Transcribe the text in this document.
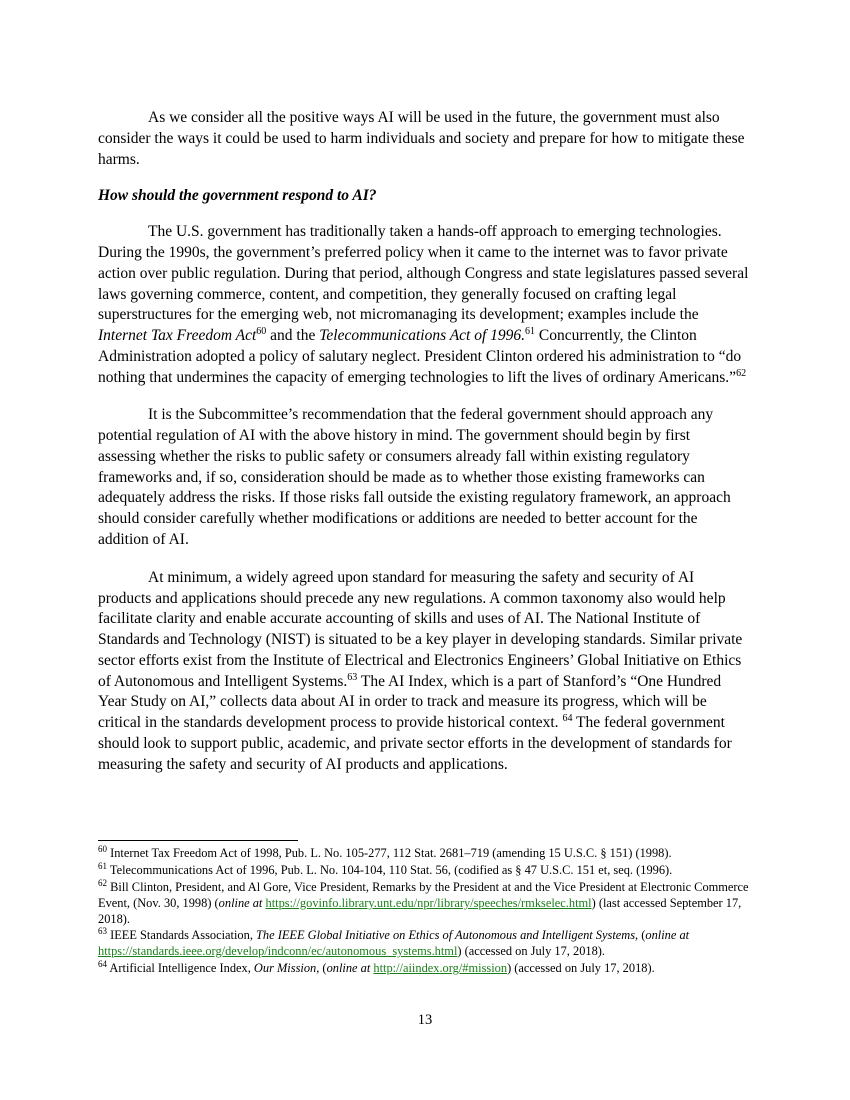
As we consider all the positive ways AI will be used in the future, the government must also consider the ways it could be used to harm individuals and society and prepare for how to mitigate these harms.

How should the government respond to AI?

The U.S. government has traditionally taken a hands-off approach to emerging technologies. During the 1990s, the government’s preferred policy when it came to the internet was to favor private action over public regulation. During that period, although Congress and state legislatures passed several laws governing commerce, content, and competition, they generally focused on crafting legal superstructures for the emerging web, not micromanaging its development; examples include the Internet Tax Freedom Act$^{60}$ and the Telecommunications Act of 1996.61 Concurrently, the Clinton Administration adopted a policy of salutary neglect. President Clinton ordered his administration to “do nothing that undermines the capacity of emerging technologies to lift the lives of ordinary Americans.”$^{62}$

It is the Subcommittee’s recommendation that the federal government should approach any potential regulation of AI with the above history in mind. The government should begin by first assessing whether the risks to public safety or consumers already fall within existing regulatory frameworks and, if so, consideration should be made as to whether those existing frameworks can adequately address the risks. If those risks fall outside the existing regulatory framework, an approach should consider carefully whether modifications or additions are needed to better account for the addition of AI.

At minimum, a widely agreed upon standard for measuring the safety and security of AI products and applications should precede any new regulations. A common taxonomy also would help facilitate clarity and enable accurate accounting of skills and uses of AI. The National Institute of Standards and Technology (NIST) is situated to be a key player in developing standards. Similar private sector efforts exist from the Institute of Electrical and Electronics Engineers’ Global Initiative on Ethics of Autonomous and Intelligent Systems.$^{63}$ The AI Index, which is a part of Stanford’s “One Hundred Year Study on AI,” collects data about AI in order to track and measure its progress, which will be critical in the standards development process to provide historical context. $^{64}$ The federal government should look to support public, academic, and private sector efforts in the development of standards for measuring the safety and security of AI products and applications.

$^{60}$ Internet Tax Freedom Act of 1998, Pub. L. No. 105-277, 112 Stat. 2681–719 (amending 15 U.S.C. § 151) (1998).

$^{61}$ Telecommunications Act of 1996, Pub. L. No. 104-104, 110 Stat. 56, (codified as § 47 U.S.C. 151 et, seq. (1996).

$^{62}$ Bill Clinton, President, and Al Gore, Vice President, Remarks by the President at and the Vice President at Electronic Commerce Event, (Nov. 30, 1998) (online at https://govinfo.library.unt.edu/npr/library/speeches/rmkselec.html) (last accessed September 17, 2018).

$^{63}$ IEEE Standards Association, The IEEE Global Initiative on Ethics of Autonomous and Intelligent Systems, (online at https://standards.ieee.org/develop/indconn/ec/autonomous_systems.html) (accessed on July 17, 2018).

$^{64}$ Artificial Intelligence Index, Our Mission, (online at http://aiindex.org/#mission) (accessed on July 17, 2018).

13
